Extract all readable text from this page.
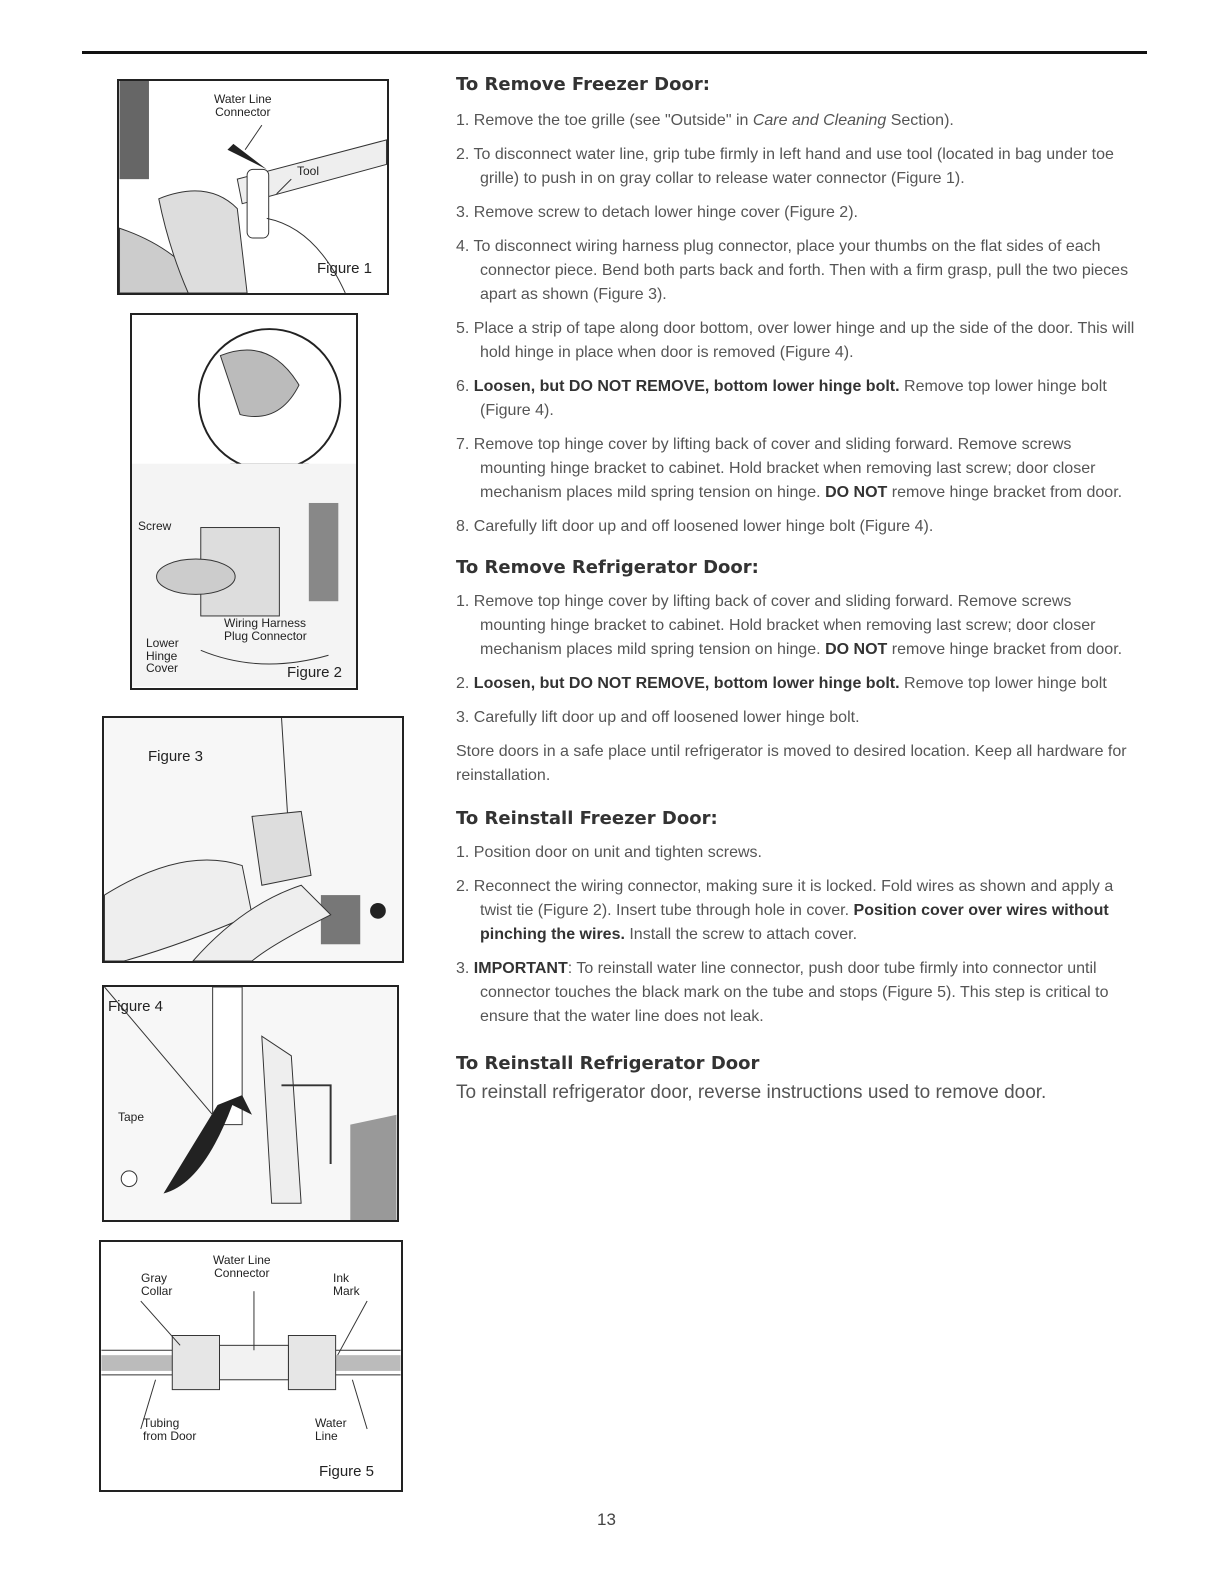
Water Line
Connector
Tool
Figure 1
Screw
Wiring Harness
Plug Connector
Lower
Hinge
Cover	Figure 2
Figure 3
Figure 4
Tape
Water Line
Connector
Gray
Collar
Ink
Mark
Tubing
from Door
Water
Line
Figure 5
To Remove Freezer Door:

1. Remove the toe grille (see "Outside" in Care and Cleaning Section).

2. To disconnect water line, grip tube firmly in left hand and use tool (located in bag under toe grille) to push in on gray collar to release water connector (Figure 1).

3. Remove screw to detach lower hinge cover (Figure 2).

4. To disconnect wiring harness plug connector, place your thumbs on the flat sides of each connector piece. Bend both parts back and forth. Then with a firm grasp, pull the two pieces apart as shown (Figure 3).

5. Place a strip of tape along door bottom, over lower hinge and up the side of the door. This will hold hinge in place when door is removed (Figure 4).

6. Loosen, but DO NOT REMOVE, bottom lower hinge bolt. Remove top lower hinge bolt (Figure 4).

7. Remove top hinge cover by lifting back of cover and sliding forward. Remove screws mounting hinge bracket to cabinet. Hold bracket when removing last screw; door closer mechanism places mild spring tension on hinge. DO NOT remove hinge bracket from door.

8. Carefully lift door up and off loosened lower hinge bolt (Figure 4).

To Remove Refrigerator Door:

1. Remove top hinge cover by lifting back of cover and sliding forward. Remove screws mounting hinge bracket to cabinet. Hold bracket when removing last screw; door closer mechanism places mild spring tension on hinge. DO NOT remove hinge bracket from door.

2. Loosen, but DO NOT REMOVE, bottom lower hinge bolt. Remove top lower hinge bolt

3. Carefully lift door up and off loosened lower hinge bolt.

Store doors in a safe place until refrigerator is moved to desired location. Keep all hardware for reinstallation.

To Reinstall Freezer Door:

1. Position door on unit and tighten screws.

2. Reconnect the wiring connector, making sure it is locked. Fold wires as shown and apply a twist tie (Figure 2). Insert tube through hole in cover. Position cover over wires without pinching the wires. Install the screw to attach cover.

3. IMPORTANT: To reinstall water line connector, push door tube firmly into connector until connector touches the black mark on the tube and stops (Figure 5). This step is critical to ensure that the water line does not leak.

To Reinstall Refrigerator Door

To reinstall refrigerator door, reverse instructions used to remove door.

13
